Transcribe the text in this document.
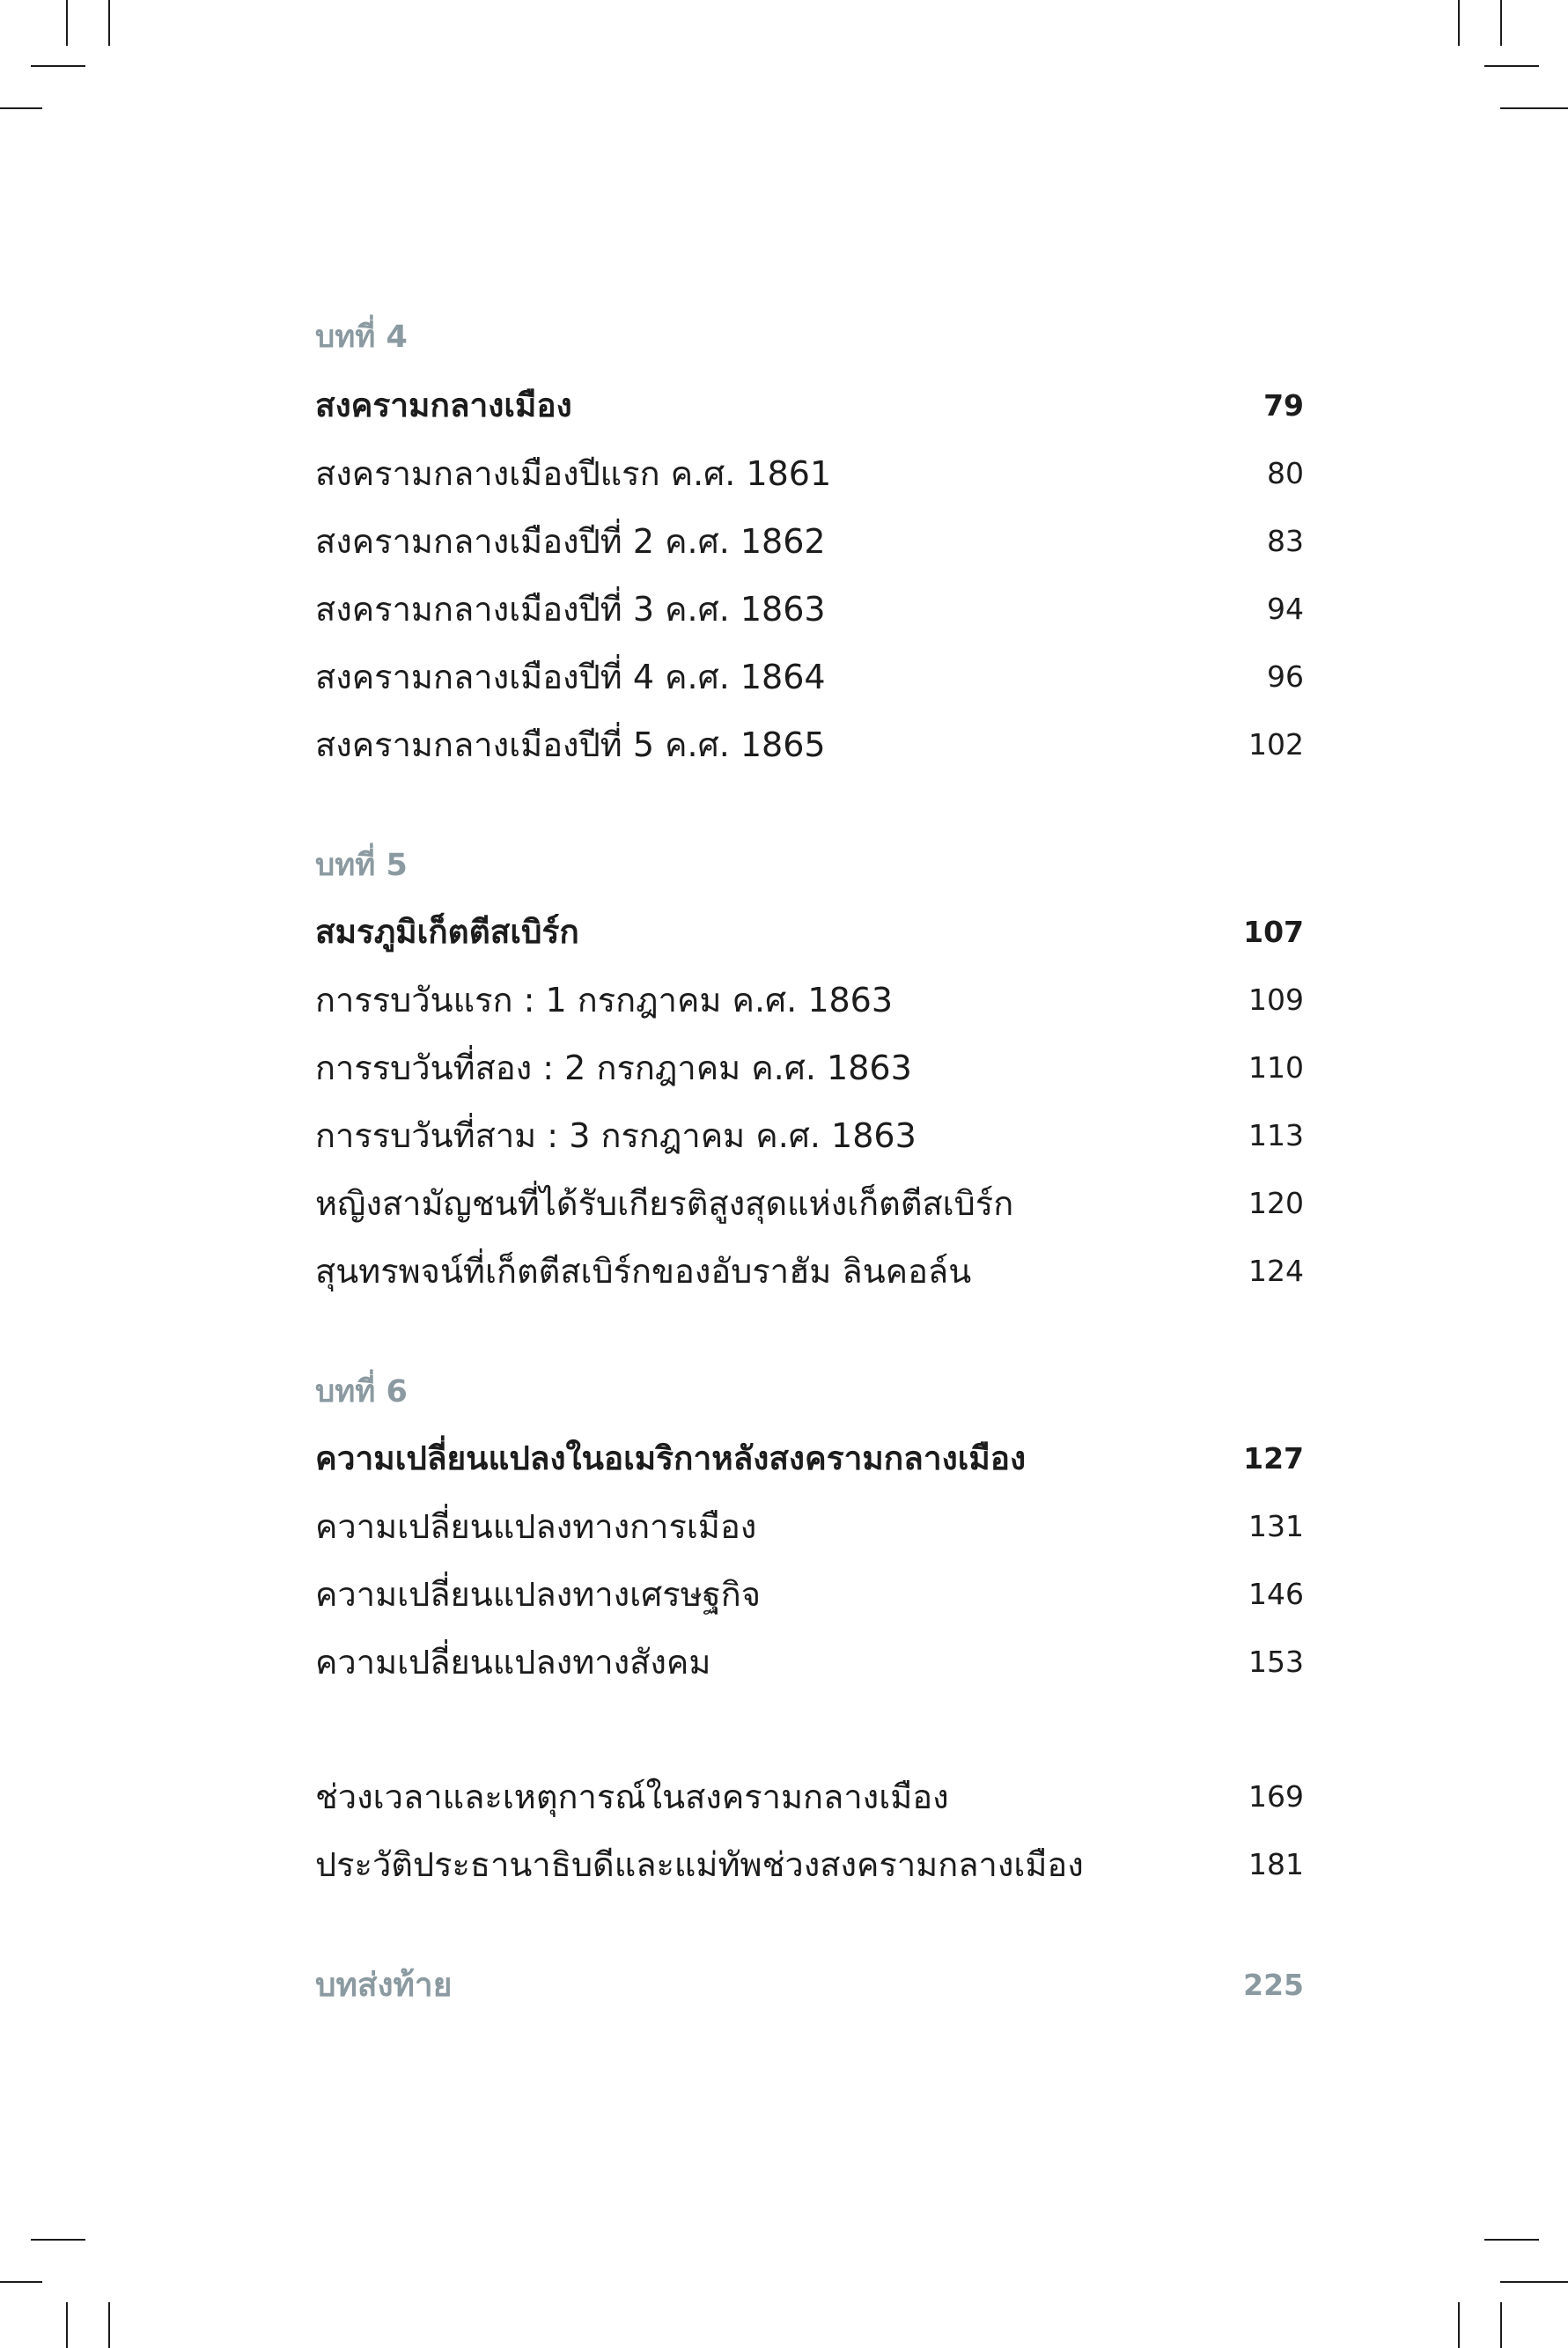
บทที่ 4
สงครามกลางเมือง	79
สงครามกลางเมืองปีแรก ค.ศ. 1861	80
สงครามกลางเมืองปีที่ 2 ค.ศ. 1862	83
สงครามกลางเมืองปีที่ 3 ค.ศ. 1863	94
สงครามกลางเมืองปีที่ 4 ค.ศ. 1864	96
สงครามกลางเมืองปีที่ 5 ค.ศ. 1865	102
บทที่ 5
สมรภูมิเก็ตตีสเบิร์ก	107
การรบวันแรก : 1 กรกฎาคม ค.ศ. 1863	109
การรบวันที่สอง : 2 กรกฎาคม ค.ศ. 1863	110
การรบวันที่สาม : 3 กรกฎาคม ค.ศ. 1863	113
หญิงสามัญชนที่ได้รับเกียรติสูงสุดแห่งเก็ตตีสเบิร์ก	120
สุนทรพจน์ที่เก็ตตีสเบิร์กของอับราฮัม ลินคอล์น	124
บทที่ 6
ความเปลี่ยนแปลงในอเมริกาหลังสงครามกลางเมือง	127
ความเปลี่ยนแปลงทางการเมือง	131
ความเปลี่ยนแปลงทางเศรษฐกิจ	146
ความเปลี่ยนแปลงทางสังคม	153
ช่วงเวลาและเหตุการณ์ในสงครามกลางเมือง	169
ประวัติประธานาธิบดีและแม่ทัพช่วงสงครามกลางเมือง	181
บทส่งท้าย	225
